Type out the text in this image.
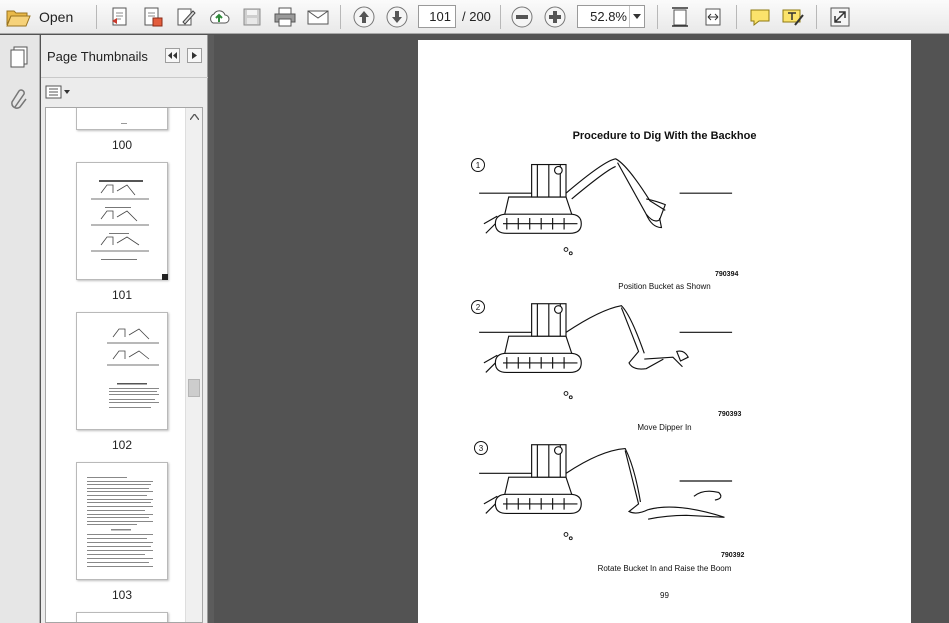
Open
101	/ 200
52.8%
Page Thumbnails
100
101
102
103
Procedure to Dig With the Backhoe
1
790394
Position Bucket as Shown
2
790393
Move Dipper In
3
790392
Rotate Bucket In and Raise the Boom
99
